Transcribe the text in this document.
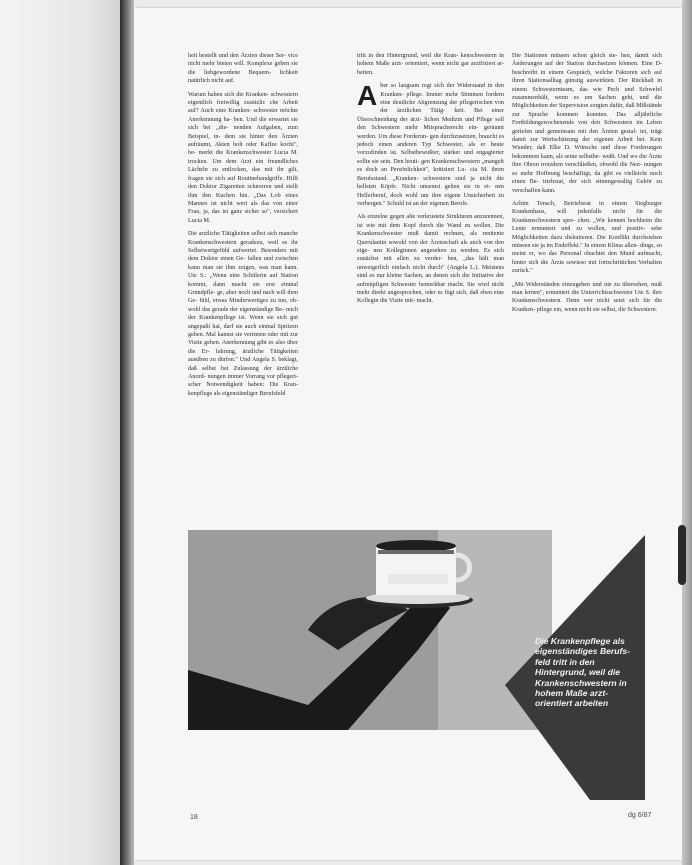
heit bestellt und den Ärzten dieser Ser- vice nicht mehr bieten will. Komplexe geben sie die liebgewordene Bequem- lichkeit natürlich nicht auf.

Warum haben sich die Kranken- schwestern eigentlich freiwillig zusätzlic che Arbeit auf? Auch eine Kranken- schwester möchte Anerkennung ha- ben. Und die erwartet sie sich bei „die- nenden Aufgaben, zum Beispiel, in- dem sie hinter den Ärzten aufräumt, Akten holt oder Kaffee kocht", be- merkt die Krankenschwester Lucia M. trocken. Um dem Arzt ein freundliches Lächeln zu entlocken, das mit ihr gilt, fragen sie sich auf Routinehandgriffe. Hilft den Doktor Zigaretten schnorren und stellt ihm den Kuchen hin. „Das Lob eines Mannes ist nicht wert als das von einer Frau, ja, das ist ganz sicher so", versichert Lucia M.

Die arztliche Tätigkeiten selbst sich manche Krankenschwestern geradezu, weil es ihr Selbstwertgefühl aufwertet. Besonders mit dem Doktor einen Ge- fallen und zwischen kann man sie ihm zeigen, was man kann. Ute S.: „Wenn eine Schülerin auf Station kommt, dann macht sie erst einmal Grundpfle- ge, aber noch und nach will dem Ge- fühl, etwas Minderwertiges zu tun, ob- wohl das gerade der eigenständige Be- reich der Krankenpflege ist. Wenn sie sich gut angepaßt hat, darf sie auch einmal Spritzen geben. Mal kannst sie vertreten oder mit zur Visite gehen. Anerkennung gibt es also über die Er- fahrung, ärztliche Tätigkeiten ausüben zu dürfen." Und Angela S. beklagt, daß selbst bei Zulassung der ärztliche Anord- nungen immer Vorrang vor pflegeri- scher Notwendigkeit haben: Die Kran- kenpflege als eigenständiger Berufsfeld

tritt in den Hintergrund, weil die Kran- kenschwestern in hohem Maße arzt- orientiert, wenn nicht gar arztfixiert ar- beiten.

Aber so langsam regt sich der Widerstand in den Kranken- pflege. Immer mehr Stimmen fordern eine deutliche Abgrenzung der pflegerischen von der ärztlichen Tätig- keit. Bei einer Überschneidung der ärzt- lichen Medizin und Pflege soll den Schwestern mehr Mitspracherecht ein- geräumt werden. Um diese Forderun- gen durchzusetzen, braucht es jedoch einen anderen Typ Schwester, als er heute vorzufinden ist. Selbstbewußter, stärker und engagierter sollte sie sein. Den heuti- gen Krankenschwestern „mangelt es doch an Persönlichkeit", kritisiert Lu- cia M. ihren Berufsstand. „Kranken- schwestern sind ja nicht die hellsten Köpfe. Nicht umsonst gehen sie in ei- nen Helferberuf, doch wohl um ihre eigene Unsicherheit zu verbergen." Schuld ist an der eigenen Berufe.

Als einzelne gegen alte verkrustete Strukturen anzurennen, ist wie mit dem Kopf durch die Wand zu wollen. Die Krankenschwester muß damit rechnen, als renitente Querulantin sowohl von der Ärzteschaft als auch von den eige- nen Kolleginnen angesehen zu werden. Es sich zunächst mit allen zu verder- ben, „das hält man unweigerlich einfach nicht durch" (Angela L.). Meistens sind es nur kleine Sachen, an denen sich die Initiative der aufmüpfigen Schwester bemerkbar macht. Sie wird nicht mehr direkt angesprochen, oder es fügt sich, daß eben eine Kollegin die Visite mit- macht.

Die Stationen müssen schon gleich ste- hen, damit sich Änderungen auf der Station durchsetzen können. Eine D- beschreibt in einem Gespräch, welche Faktoren sich auf ihren Stationsalltag günstig auswirkten. Der Rückhalt in einem Schwesternteam, das wie Pech und Schwefel zusammenhält, wenn es um Sachen geht, und die Möglichkeiten der Supervision sorgten dafür, daß Mißstände zur Sprache kommen konnten. Das alljährliche Fortbildungswochenende von den Schwestern im Leben geriefen und gemeinsam mit den Ärzten gestal- tet, trägt damit zur Wertschätzung der eigenen Arbeit bei. Kein Wunder, daß Elke D. Wünsche und diese Forderungen bekommen kann, als seine selbstbe- wußt. Und wo die Ärzte ihre Ohren trotzdem verschließen, obwohl die Nen- nungen so mehr Hoffnung beschäftigt, da gibt es vielleicht noch einen Be- triebsrat, der sich stimmgewaltig Gehör zu verschaffen kann.

Achim Tensch, Betriebsrat in einem Siegburger Krankenhaus, will jedenfalls nicht für die Krankenschwestern spre- chen. „Wir kennen hochbeim die Leute ermuntert und zu wollen, und positiv- sehe Möglichkeiten dazu diskutieren. Die Konflikt durchstehen müssen sie ja im Endeffekt." In einem Klima allen- dings, so meint er, wo das Personal obachtet den Mund aufmacht, hinter sich die Ärzte sowieso mit fortschrittichen Verhalten zurück."

„Mit Widerständen einzugehen und nie zu übersehen, muß man lernen", ermuntert die Unterrichtsschwester Ute S. ihre Krankenschwestern. Denn wer nicht setzt sich für die Kranken- pflege ein, wenn nicht sie selbst, die Schwestern.

Die Krankenpflege als eigenständiges Berufs- feld tritt in den Hintergrund, weil die Krankenschwestern in hohem Maße arzt- orientiert arbeiten
18	dg 6/87
